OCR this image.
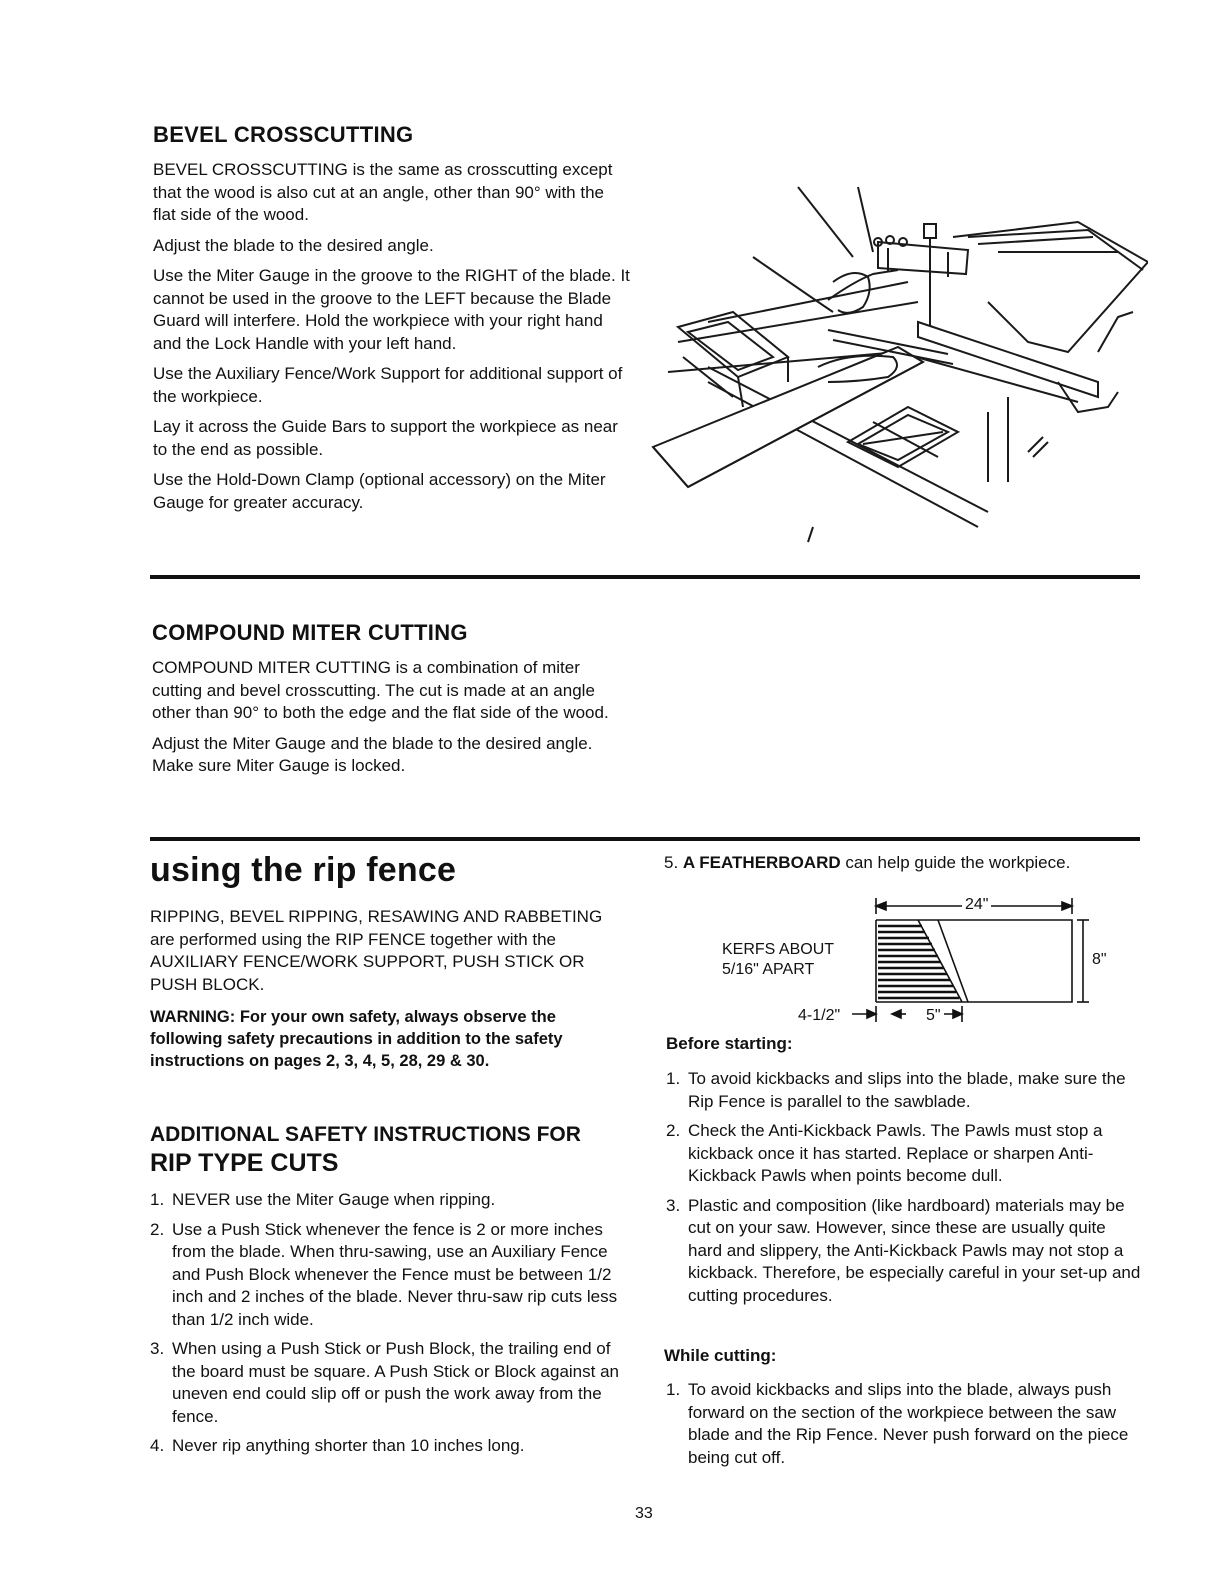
BEVEL CROSSCUTTING

BEVEL CROSSCUTTING is the same as crosscutting except that the wood is also cut at an angle, other than 90° with the flat side of the wood.

Adjust the blade to the desired angle.

Use the Miter Gauge in the groove to the RIGHT of the blade. It cannot be used in the groove to the LEFT because the Blade Guard will interfere. Hold the workpiece with your right hand and the Lock Handle with your left hand.

Use the Auxiliary Fence/Work Support for additional support of the workpiece.

Lay it across the Guide Bars to support the workpiece as near to the end as possible.

Use the Hold-Down Clamp (optional accessory) on the Miter Gauge for greater accuracy.

COMPOUND MITER CUTTING

COMPOUND MITER CUTTING is a combination of miter cutting and bevel crosscutting. The cut is made at an angle other than 90° to both the edge and the flat side of the wood.

Adjust the Miter Gauge and the blade to the desired angle. Make sure Miter Gauge is locked.

using the rip fence

RIPPING, BEVEL RIPPING, RESAWING AND RABBETING are performed using the RIP FENCE together with the AUXILIARY FENCE/WORK SUPPORT, PUSH STICK OR PUSH BLOCK.

WARNING: For your own safety, always observe the following safety precautions in addition to the safety instructions on pages 2, 3, 4, 5, 28, 29 & 30.

ADDITIONAL SAFETY INSTRUCTIONS FOR
RIP TYPE CUTS
1. NEVER use the Miter Gauge when ripping.
2. Use a Push Stick whenever the fence is 2 or more inches from the blade. When thru-sawing, use an Auxiliary Fence and Push Block whenever the Fence must be between 1/2 inch and 2 inches of the blade. Never thru-saw rip cuts less than 1/2 inch wide.
3. When using a Push Stick or Push Block, the trailing end of the board must be square. A Push Stick or Block against an uneven end could slip off or push the work away from the fence.
4. Never rip anything shorter than 10 inches long.
5. A FEATHERBOARD can help guide the workpiece.
24"
8"
KERFS ABOUT
5/16" APART
4-1/2"	5"
Before starting:
1. To avoid kickbacks and slips into the blade, make sure the Rip Fence is parallel to the sawblade.
2. Check the Anti-Kickback Pawls. The Pawls must stop a kickback once it has started. Replace or sharpen Anti-Kickback Pawls when points become dull.
3. Plastic and composition (like hardboard) materials may be cut on your saw. However, since these are usually quite hard and slippery, the Anti-Kickback Pawls may not stop a kickback. Therefore, be especially careful in your set-up and cutting procedures.
While cutting:
1. To avoid kickbacks and slips into the blade, always push forward on the section of the workpiece between the saw blade and the Rip Fence. Never push forward on the piece being cut off.
33
